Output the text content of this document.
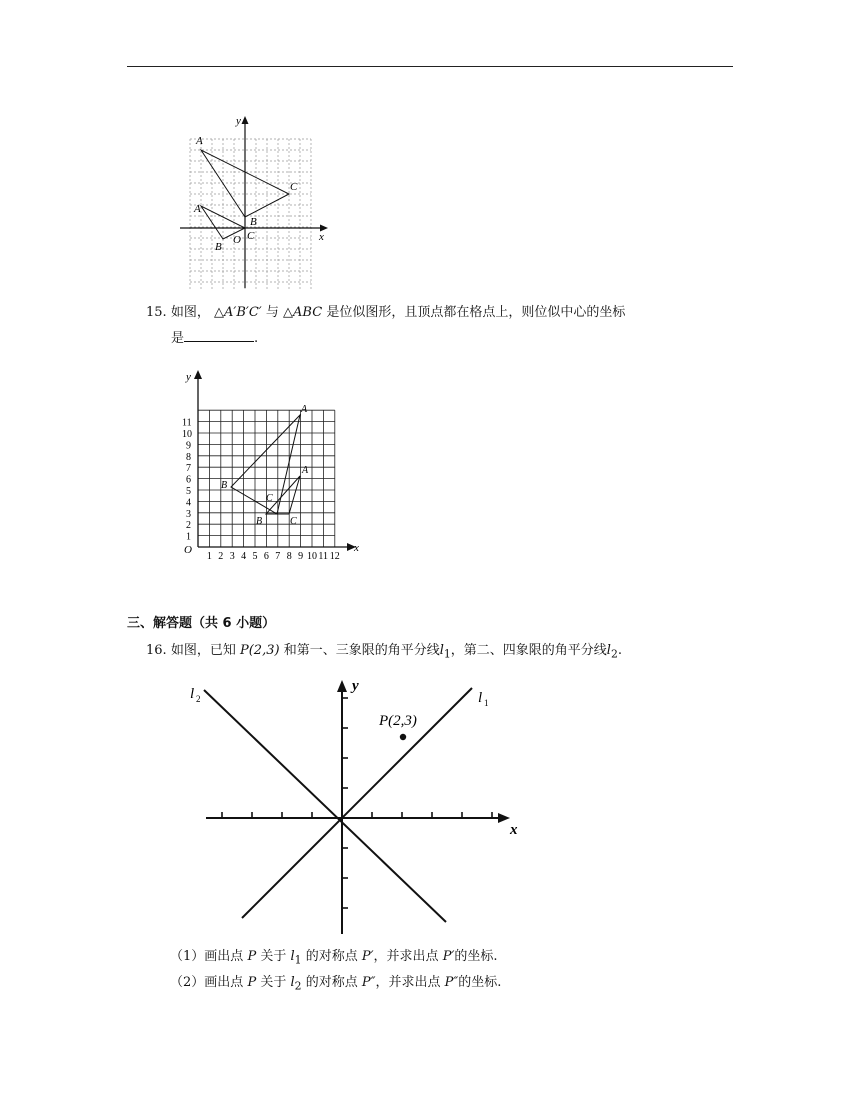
y
x
O
A
C
B
A
B
C
15. 如图， △A′B′C′ 与 △ABC 是位似图形，且顶点都在格点上，则位似中心的坐标
是	.
1 2 3 4 5 6 7 8 9 10 11 12
1
2
3
4
5
6
7
8
9
10
11
y
x
O
A
B
C
A
B	C
三、解答题（共 6 小题）
16. 如图，已知 P(2,3) 和第一、三象限的角平分线$l_1$，第二、四象限的角平分线$l_2$.
y
x
P(2,3)
l 1
l 2
（1）画出点 P 关于 $l_1$ 的对称点 P′，并求出点 P′的坐标.
（2）画出点 P 关于 $l_2$ 的对称点 P″，并求出点 P″的坐标.
